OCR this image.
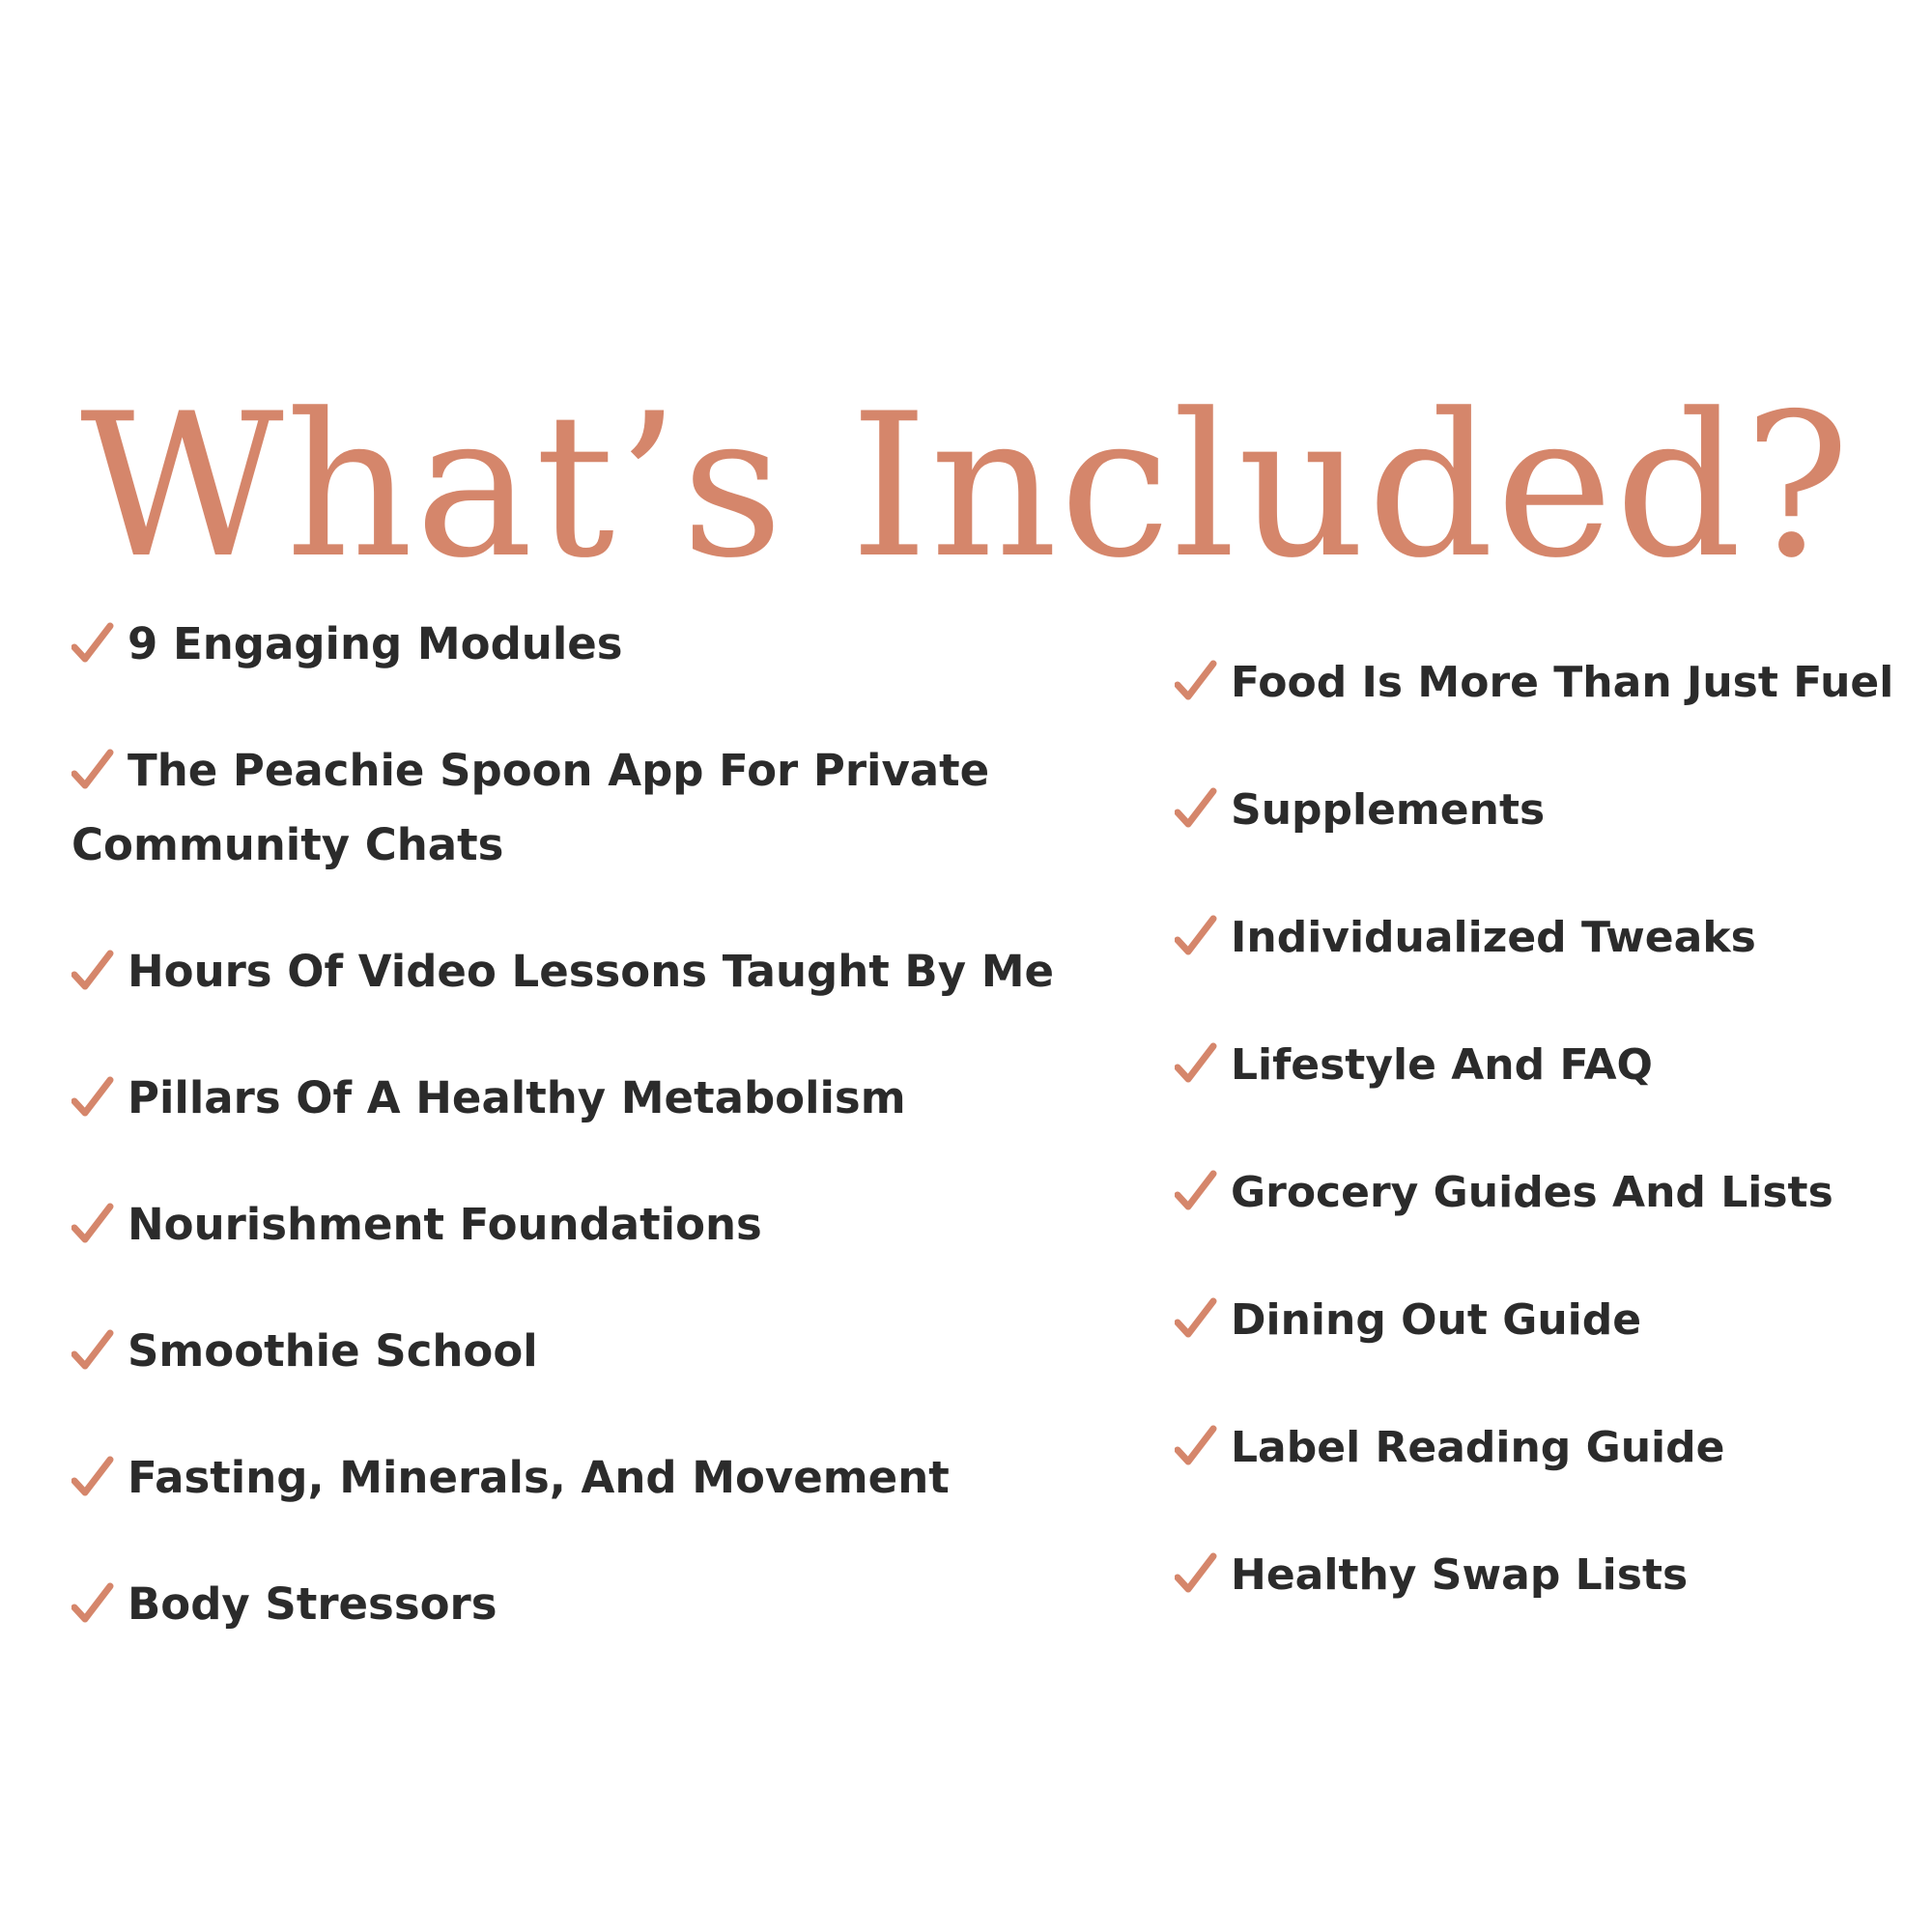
What’s Included?
9 Engaging Modules
The Peachie Spoon App For Private Community Chats
Hours Of Video Lessons Taught By Me
Pillars Of A Healthy Metabolism
Nourishment Foundations
Smoothie School
Fasting, Minerals, And Movement
Body Stressors
Food Is More Than Just Fuel
Supplements
Individualized Tweaks
Lifestyle And FAQ
Grocery Guides And Lists
Dining Out Guide
Label Reading Guide
Healthy Swap Lists
